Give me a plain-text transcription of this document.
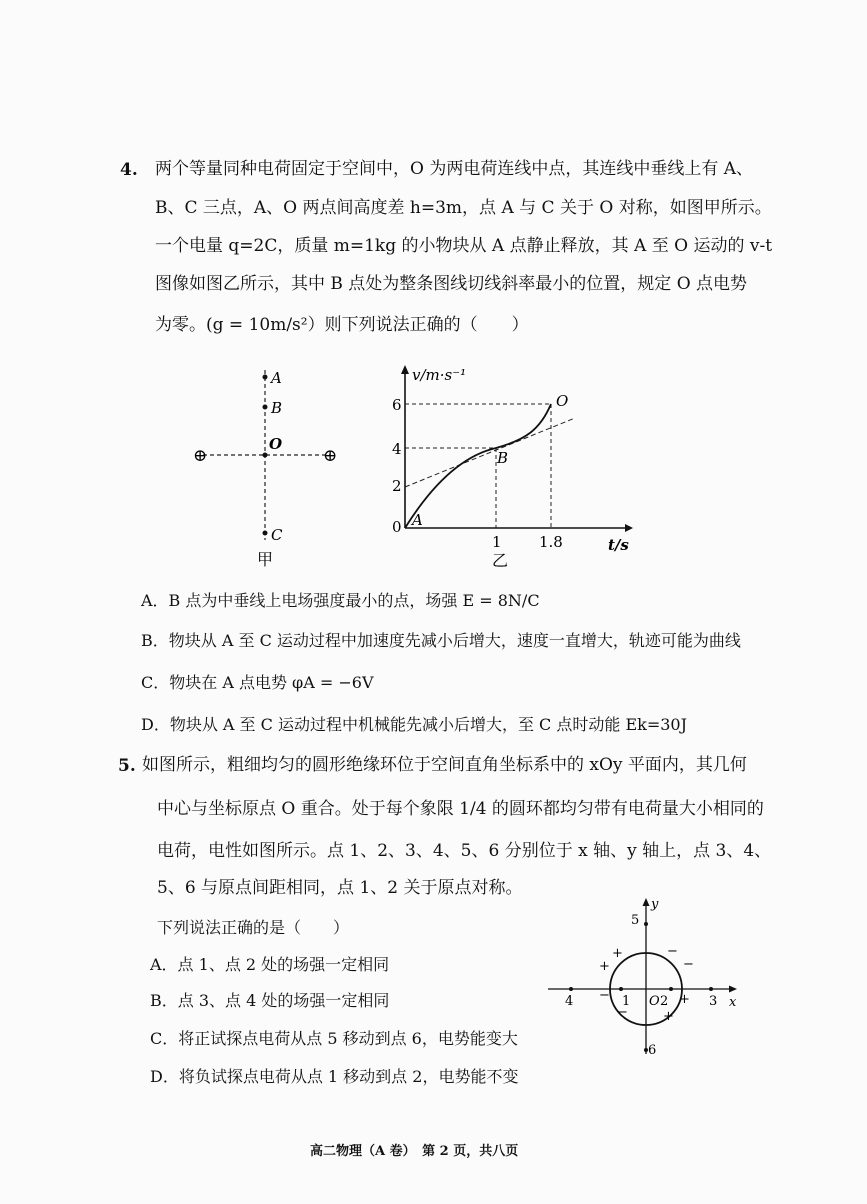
4. 两个等量同种电荷固定于空间中，O 为两电荷连线中点，其连线中垂线上有 A、
B、C 三点，A、O 两点间高度差 h=3m，点 A 与 C 关于 O 对称，如图甲所示。
一个电量 q=2C，质量 m=1kg 的小物块从 A 点静止释放，其 A 至 O 运动的 v-t
图像如图乙所示，其中 B 点处为整条图线切线斜率最小的位置，规定 O 点电势
为零。(g = 10m/s²）则下列说法正确的（　　）
A
B
O
C
⊕	⊕
甲
6
4
2
0
1 1.8
v/m·s⁻¹
t/s
A
B
O
乙
A．B 点为中垂线上电场强度最小的点，场强 E = 8N/C
B．物块从 A 至 C 运动过程中加速度先减小后增大，速度一直增大，轨迹可能为曲线
C．物块在 A 点电势 φA = −6V
D．物块从 A 至 C 运动过程中机械能先减小后增大，至 C 点时动能 Ek=30J
5. 如图所示，粗细均匀的圆形绝缘环位于空间直角坐标系中的 xOy 平面内，其几何
中心与坐标原点 O 重合。处于每个象限 1/4 的圆环都均匀带有电荷量大小相同的
电荷，电性如图所示。点 1、2、3、4、5、6 分别位于 x 轴、y 轴上，点 3、4、
5、6 与原点间距相同，点 1、2 关于原点对称。
下列说法正确的是（　　）
A．点 1、点 2 处的场强一定相同
B．点 3、点 4 处的场强一定相同
C．将正试探点电荷从点 5 移动到点 6，电势能变大
D．将负试探点电荷从点 1 移动到点 2，电势能不变
x
y
1 O 2	3
4
5
6
+
+
−
−
−
−
+
+
高二物理（A 卷）　第 2 页，共八页
